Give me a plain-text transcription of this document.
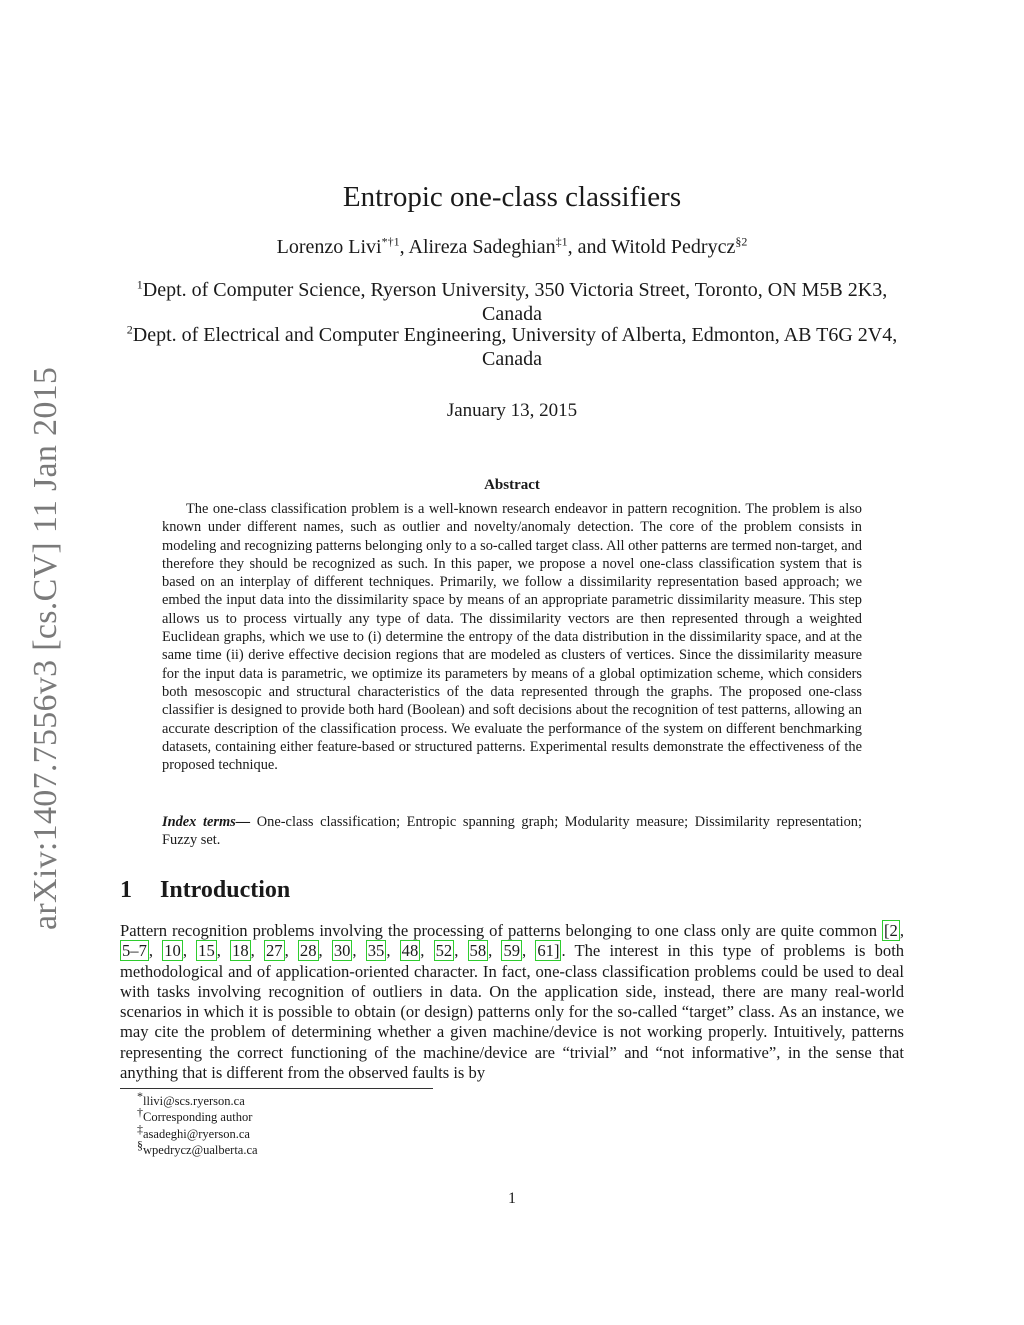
arXiv:1407.7556v3 [cs.CV] 11 Jan 2015
Entropic one-class classifiers
Lorenzo Livi$^{*\dagger 1}$, Alireza Sadeghian$^{\ddagger 1}$, and Witold Pedrycz$^{\S 2}$
$^1$Dept. of Computer Science, Ryerson University, 350 Victoria Street, Toronto, ON M5B 2K3, Canada
$^2$Dept. of Electrical and Computer Engineering, University of Alberta, Edmonton, AB T6G 2V4, Canada
January 13, 2015
Abstract

The one-class classification problem is a well-known research endeavor in pattern recognition. The problem is also known under different names, such as outlier and novelty/anomaly detection. The core of the problem consists in modeling and recognizing patterns belonging only to a so-called target class. All other patterns are termed non-target, and therefore they should be recognized as such. In this paper, we propose a novel one-class classification system that is based on an interplay of different techniques. Primarily, we follow a dissimilarity representation based approach; we embed the input data into the dissimilarity space by means of an appropriate parametric dissimilarity measure. This step allows us to process virtually any type of data. The dissimilarity vectors are then represented through a weighted Euclidean graphs, which we use to (i) determine the entropy of the data distribution in the dissimilarity space, and at the same time (ii) derive effective decision regions that are modeled as clusters of vertices. Since the dissimilarity measure for the input data is parametric, we optimize its parameters by means of a global optimization scheme, which considers both mesoscopic and structural characteristics of the data represented through the graphs. The proposed one-class classifier is designed to provide both hard (Boolean) and soft decisions about the recognition of test patterns, allowing an accurate description of the classification process. We evaluate the performance of the system on different benchmarking datasets, containing either feature-based or structured patterns. Experimental results demonstrate the effectiveness of the proposed technique.

Index terms— One-class classification; Entropic spanning graph; Modularity measure; Dissimilarity representation; Fuzzy set.

1 Introduction

Pattern recognition problems involving the processing of patterns belonging to one class only are quite common [2 , 5–7 , 10 , 15 , 18 , 27 , 28 , 30 , 35 , 48 , 52 , 58 , 59 , 61] . The interest in this type of problems is both methodological and of application-oriented character. In fact, one-class classification problems could be used to deal with tasks involving recognition of outliers in data. On the application side, instead, there are many real-world scenarios in which it is possible to obtain (or design) patterns only for the so-called “target” class. As an instance, we may cite the problem of determining whether a given machine/device is not working properly. Intuitively, patterns representing the correct functioning of the machine/device are “trivial” and “not informative”, in the sense that anything that is different from the observed faults is by

*llivi@scs.ryerson.ca
†Corresponding author
‡asadeghi@ryerson.ca
§wpedrycz@ualberta.ca
1
